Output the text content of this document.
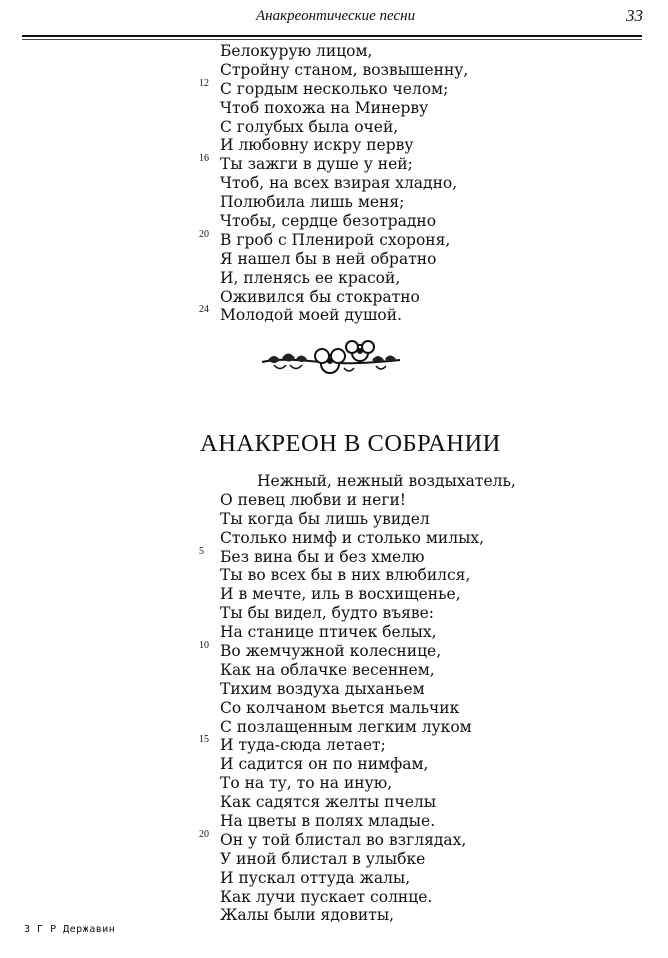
Анакреонтические песни	33
Белокурую лицом,
Стройну станом, возвышенну,
12 С гордым несколько челом;
Чтоб похожа на Минерву
С голубых была очей,
И любовну искру перву
16 Ты зажги в душе у ней;
Чтоб, на всех взирая хладно,
Полюбила лишь меня;
Чтобы, сердце безотрадно
20 В гроб с Пленирой схороня,
Я нашел бы в ней обратно
И, пленясь ее красой,
Оживился бы стократно
24 Молодой моей душой.
АНАКРЕОН В СОБРАНИИ
Нежный, нежный воздыхатель,
О певец любви и неги!
Ты когда бы лишь увидел
Столько нимф и столько милых,
5 Без вина бы и без хмелю
Ты во всех бы в них влюбился,
И в мечте, иль в восхищенье,
Ты бы видел, будто въяве:
На станице птичек белых,
10 Во жемчужной колеснице,
Как на облачке весеннем,
Тихим воздуха дыханьем
Со колчаном вьется мальчик
С позлащенным легким луком
15 И туда-сюда летает;
И садится он по нимфам,
То на ту, то на иную,
Как садятся желты пчелы
На цветы в полях младые.
20 Он у той блистал во взглядах,
У иной блистал в улыбке
И пускал оттуда жалы,
Как лучи пускает солнце.
Жалы были ядовиты,
3 Г Р Державин
